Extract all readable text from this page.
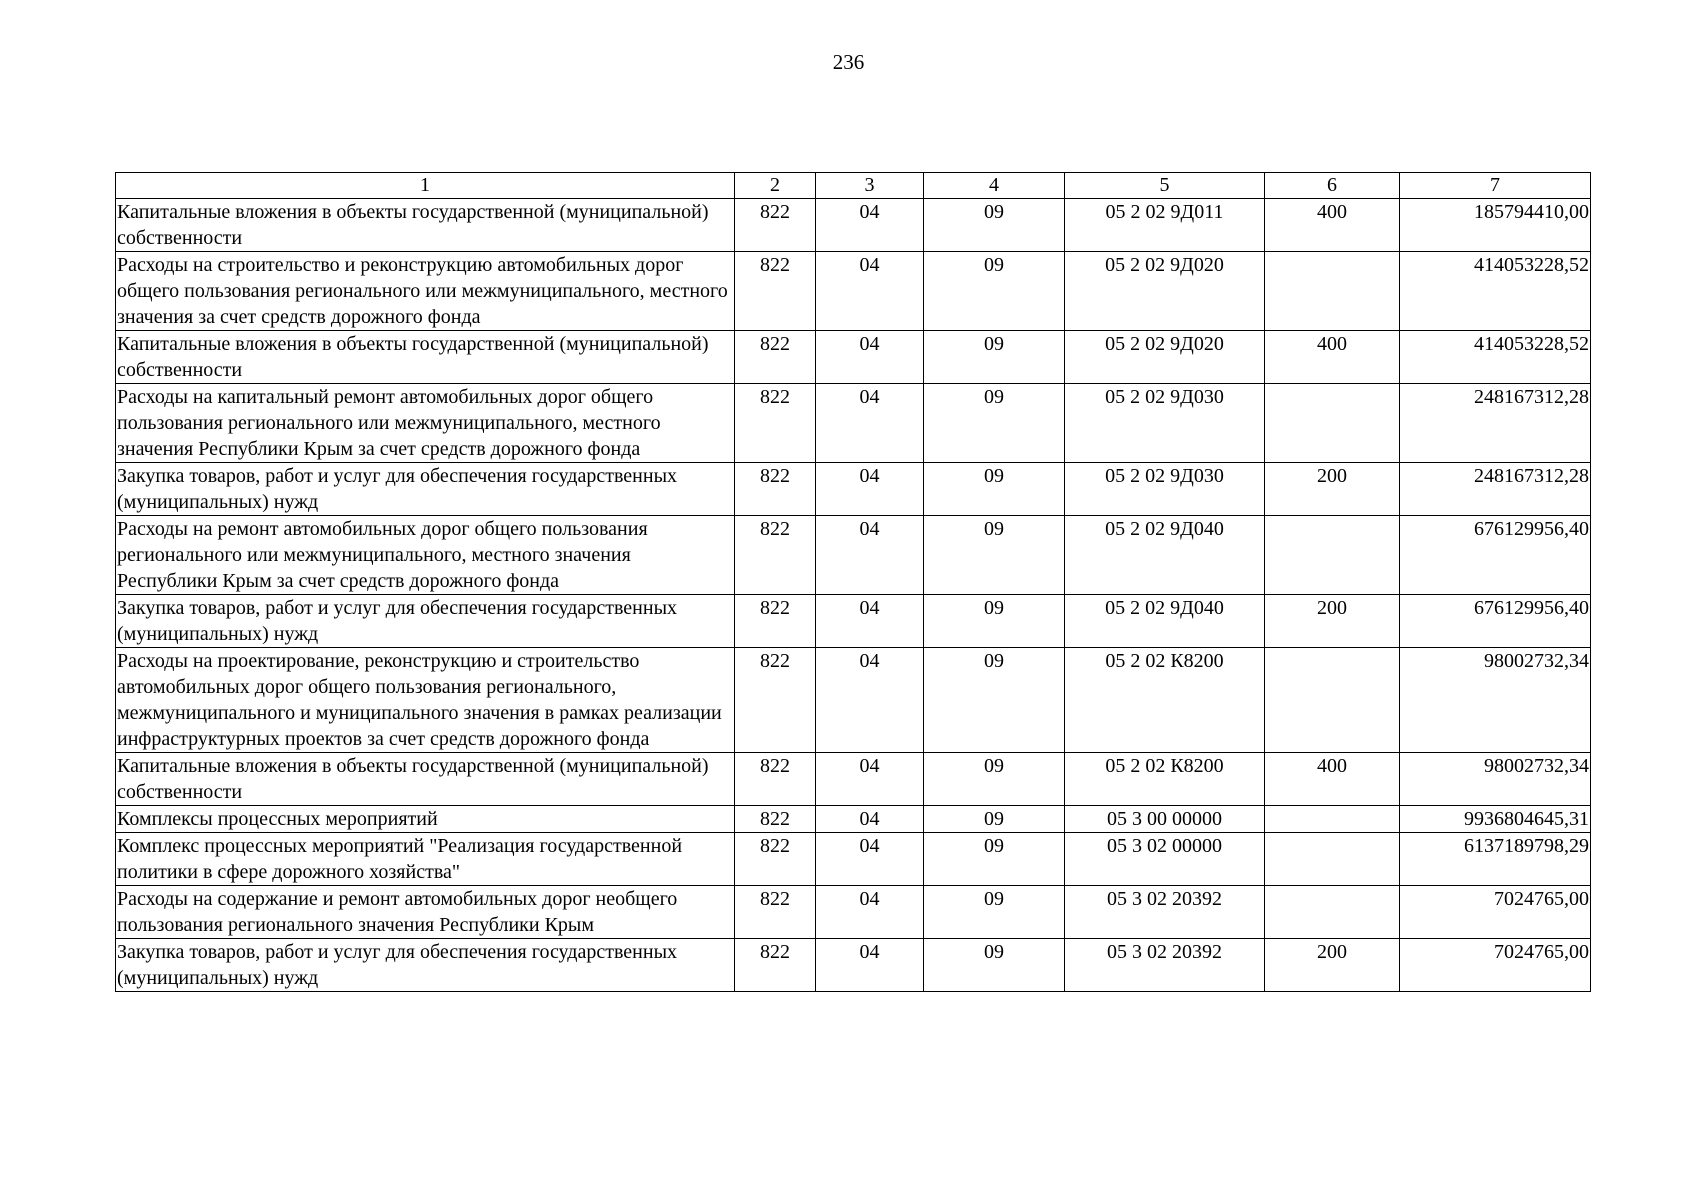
236
1	2	3	4	5	6	7
Капитальные вложения в объекты государственной (муниципальной) собственности	822	04	09	05 2 02 9Д011	400	185794410,00
Расходы на строительство и реконструкцию автомобильных дорог общего пользования регионального или межмуниципального, местного значения за счет средств дорожного фонда	822	04	09	05 2 02 9Д020		414053228,52
Капитальные вложения в объекты государственной (муниципальной) собственности	822	04	09	05 2 02 9Д020	400	414053228,52
Расходы на капитальный ремонт автомобильных дорог общего пользования регионального или межмуниципального, местного значения Республики Крым за счет средств дорожного фонда	822	04	09	05 2 02 9Д030		248167312,28
Закупка товаров, работ и услуг для обеспечения государственных (муниципальных) нужд	822	04	09	05 2 02 9Д030	200	248167312,28
Расходы на ремонт автомобильных дорог общего пользования регионального или межмуниципального, местного значения Республики Крым за счет средств дорожного фонда	822	04	09	05 2 02 9Д040		676129956,40
Закупка товаров, работ и услуг для обеспечения государственных (муниципальных) нужд	822	04	09	05 2 02 9Д040	200	676129956,40
Расходы на проектирование, реконструкцию и строительство автомобильных дорог общего пользования регионального, межмуниципального и муниципального значения в рамках реализации инфраструктурных проектов за счет средств дорожного фонда	822	04	09	05 2 02 К8200		98002732,34
Капитальные вложения в объекты государственной (муниципальной) собственности	822	04	09	05 2 02 К8200	400	98002732,34
Комплексы процессных мероприятий	822	04	09	05 3 00 00000		9936804645,31
Комплекс процессных мероприятий "Реализация государственной политики в сфере дорожного хозяйства"	822	04	09	05 3 02 00000		6137189798,29
Расходы на содержание и ремонт автомобильных дорог необщего пользования регионального значения Республики Крым	822	04	09	05 3 02 20392		7024765,00
Закупка товаров, работ и услуг для обеспечения государственных (муниципальных) нужд	822	04	09	05 3 02 20392	200	7024765,00
